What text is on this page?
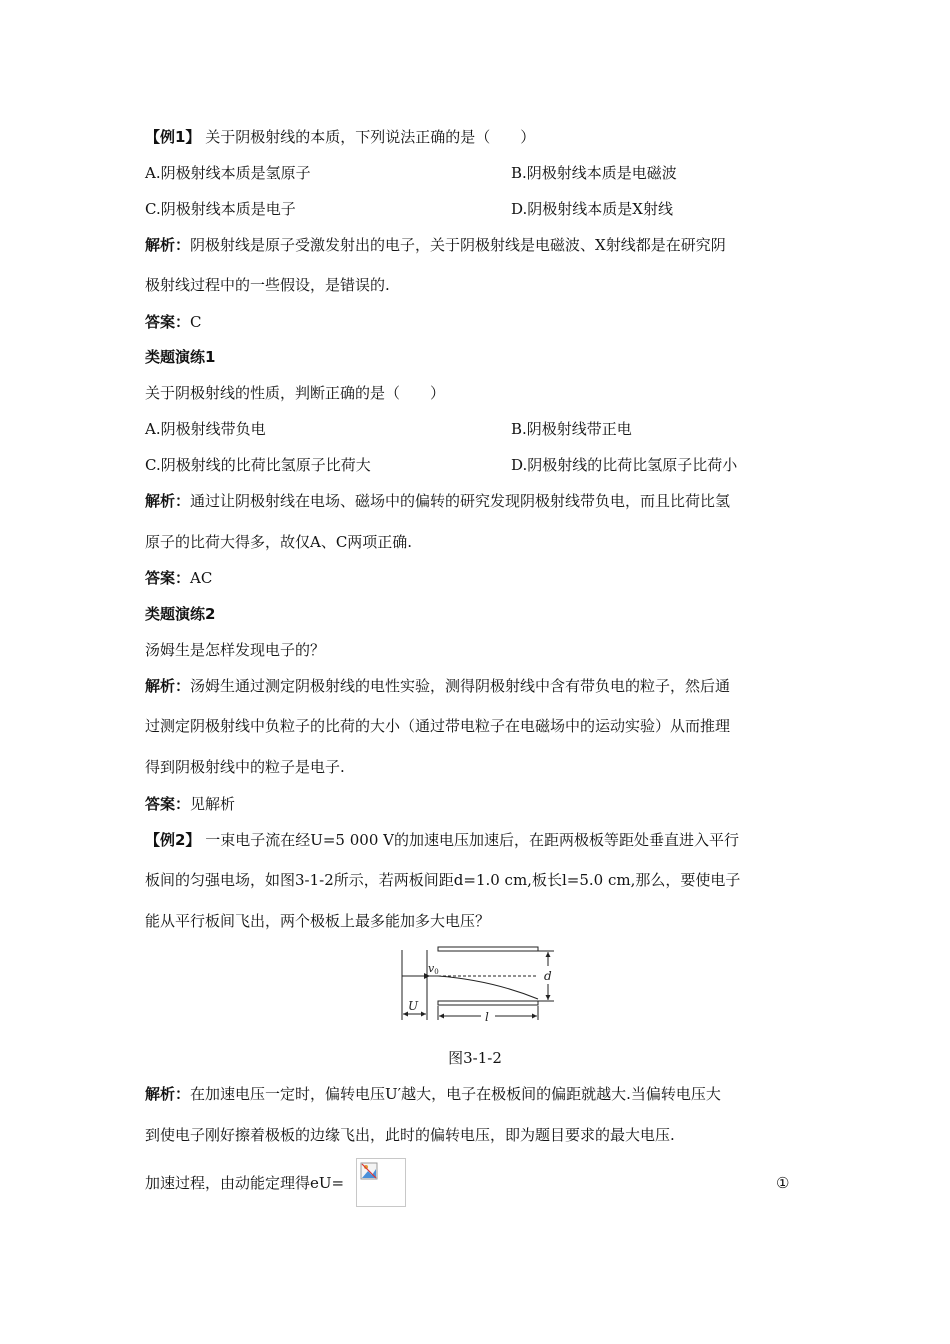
【例1】 关于阴极射线的本质，下列说法正确的是（　　）
A.阴极射线本质是氢原子	B.阴极射线本质是电磁波
C.阴极射线本质是电子	D.阴极射线本质是X射线
解析：阴极射线是原子受激发射出的电子，关于阴极射线是电磁波、X射线都是在研究阴
极射线过程中的一些假设，是错误的.
答案：C
类题演练1
关于阴极射线的性质，判断正确的是（　　）
A.阴极射线带负电	B.阴极射线带正电
C.阴极射线的比荷比氢原子比荷大	D.阴极射线的比荷比氢原子比荷小
解析：通过让阴极射线在电场、磁场中的偏转的研究发现阴极射线带负电，而且比荷比氢
原子的比荷大得多，故仅A、C两项正确.
答案：AC
类题演练2
汤姆生是怎样发现电子的？
解析：汤姆生通过测定阴极射线的电性实验，测得阴极射线中含有带负电的粒子，然后通
过测定阴极射线中负粒子的比荷的大小（通过带电粒子在电磁场中的运动实验）从而推理
得到阴极射线中的粒子是电子.
答案：见解析
【例2】 一束电子流在经U=5 000 V的加速电压加速后，在距两极板等距处垂直进入平行
板间的匀强电场，如图3-1-2所示，若两板间距d=1.0 cm,板长l=5.0 cm,那么，要使电子
能从平行板间飞出，两个极板上最多能加多大电压？
v0
U
d
l
图3-1-2
解析：在加速电压一定时，偏转电压U′越大，电子在极板间的偏距就越大.当偏转电压大
到使电子刚好擦着极板的边缘飞出，此时的偏转电压，即为题目要求的最大电压.
加速过程，由动能定理得eU=	①
